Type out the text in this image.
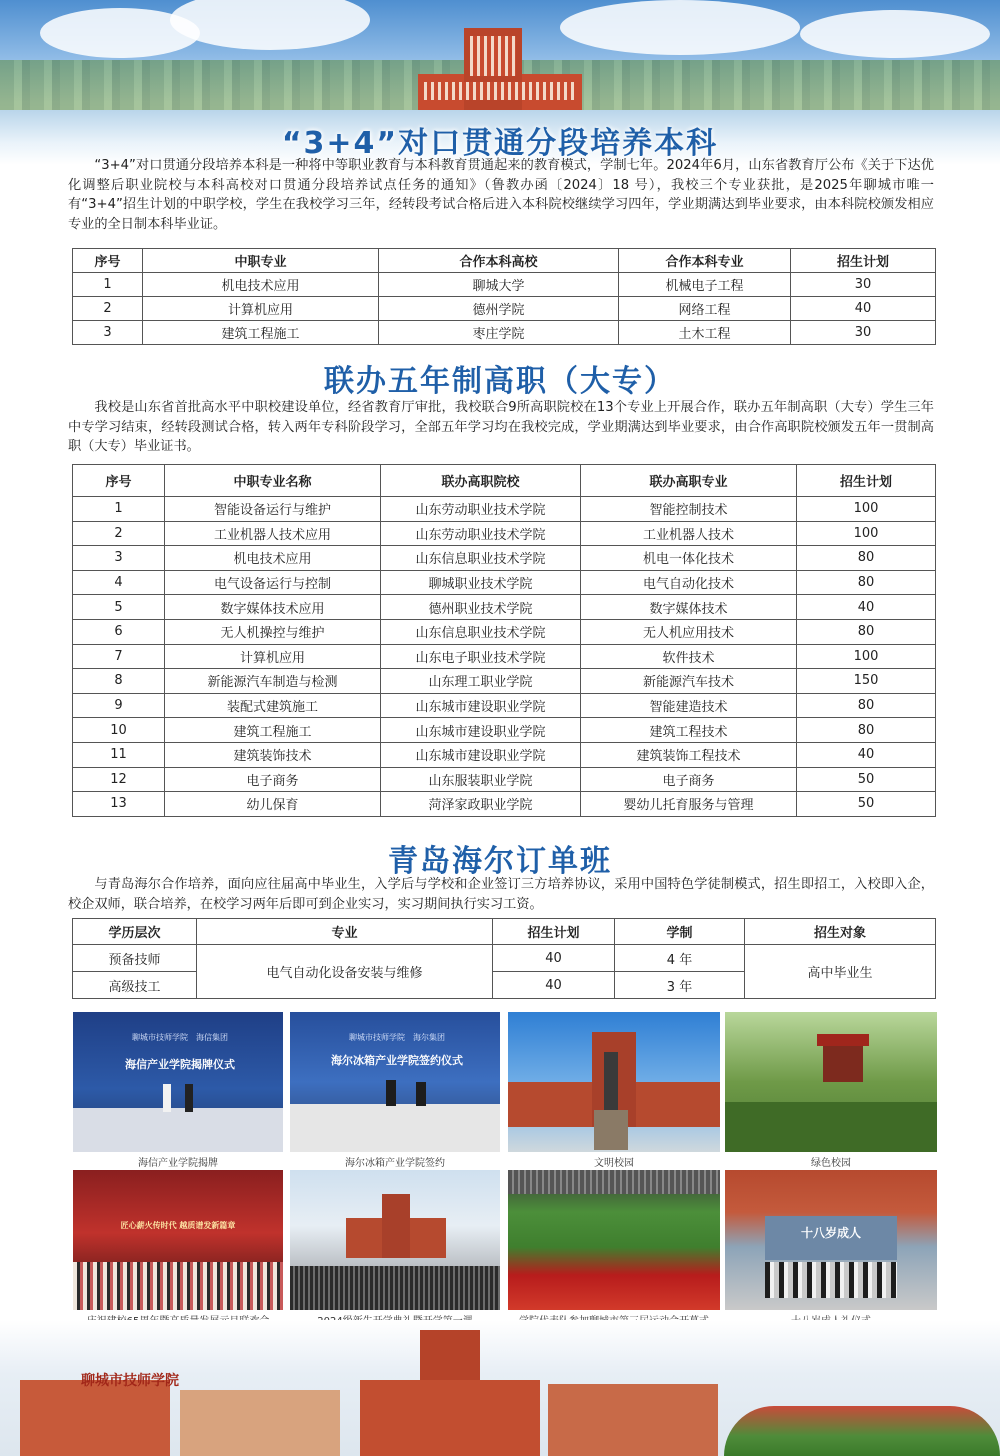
“3+4”对口贯通分段培养本科
“3+4”对口贯通分段培养本科是一种将中等职业教育与本科教育贯通起来的教育模式，学制七年。2024年6月，山东省教育厅公布《关于下达优化调整后职业院校与本科高校对口贯通分段培养试点任务的通知》（鲁教办函〔2024〕18 号），我校三个专业获批，是2025年聊城市唯一有“3+4”招生计划的中职学校，学生在我校学习三年，经转段考试合格后进入本科院校继续学习四年，学业期满达到毕业要求，由本科院校颁发相应专业的全日制本科毕业证。
序号	中职专业	合作本科高校	合作本科专业	招生计划
1	机电技术应用	聊城大学	机械电子工程	30
2	计算机应用	德州学院	网络工程	40
3	建筑工程施工	枣庄学院	土木工程	30
联办五年制高职（大专）
我校是山东省首批高水平中职校建设单位，经省教育厅审批，我校联合9所高职院校在13个专业上开展合作，联办五年制高职（大专）学生三年中专学习结束，经转段测试合格，转入两年专科阶段学习，全部五年学习均在我校完成，学业期满达到毕业要求，由合作高职院校颁发五年一贯制高职（大专）毕业证书。
序号	中职专业名称	联办高职院校	联办高职专业	招生计划
1	智能设备运行与维护	山东劳动职业技术学院	智能控制技术	100
2	工业机器人技术应用	山东劳动职业技术学院	工业机器人技术	100
3	机电技术应用	山东信息职业技术学院	机电一体化技术	80
4	电气设备运行与控制	聊城职业技术学院	电气自动化技术	80
5	数字媒体技术应用	德州职业技术学院	数字媒体技术	40
6	无人机操控与维护	山东信息职业技术学院	无人机应用技术	80
7	计算机应用	山东电子职业技术学院	软件技术	100
8	新能源汽车制造与检测	山东理工职业学院	新能源汽车技术	150
9	装配式建筑施工	山东城市建设职业学院	智能建造技术	80
10	建筑工程施工	山东城市建设职业学院	建筑工程技术	80
11	建筑装饰技术	山东城市建设职业学院	建筑装饰工程技术	40
12	电子商务	山东服装职业学院	电子商务	50
13	幼儿保育	菏泽家政职业学院	婴幼儿托育服务与管理	50
青岛海尔订单班
与青岛海尔合作培养，面向应往届高中毕业生，入学后与学校和企业签订三方培养协议，采用中国特色学徒制模式，招生即招工，入校即入企，校企双师，联合培养，在校学习两年后即可到企业实习，实习期间执行实习工资。
学历层次	专业	招生计划	学制	招生对象
预备技师	电气自动化设备安装与维修	40	4 年	高中毕业生
高级技工		40	3 年	
聊城市技师学院　海信集团
海信产业学院揭牌仪式
海信产业学院揭牌
聊城市技师学院　海尔集团
海尔冰箱产业学院签约仪式
海尔冰箱产业学院签约	文明校园	绿色校园
匠心薪火传时代 越质谱发新篇章
十八岁成人
聊城市技师学院
